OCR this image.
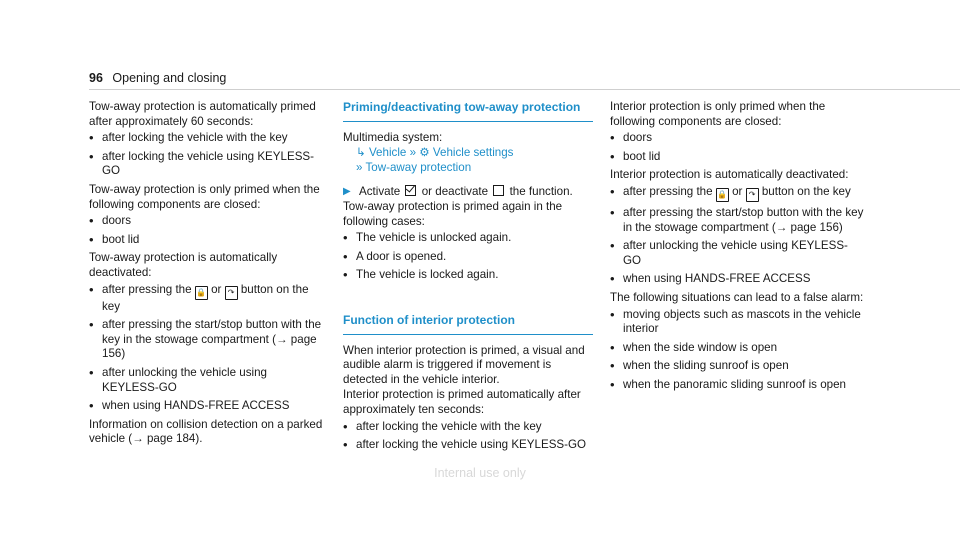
96 Opening and closing

Tow-away protection is automatically primed after approximately 60 seconds:

• after locking the vehicle with the key
• after locking the vehicle using KEYLESS-GO

Tow-away protection is only primed when the following components are closed:

• doors
• boot lid

Tow-away protection is automatically deactivated:

• after pressing the 🔒 or ↷ button on the key
• after pressing the start/stop button with the key in the stowage compartment (→ page 156)
• after unlocking the vehicle using KEYLESS-GO
• when using HANDS-FREE ACCESS

Information on collision detection on a parked vehicle (→ page 184).

Priming/deactivating tow-away protection

Multimedia system:

↳ Vehicle » ⚙ Vehicle settings
» Tow-away protection
▶ Activate or deactivate the function.

Tow-away protection is primed again in the following cases:

• The vehicle is unlocked again.
• A door is opened.
• The vehicle is locked again.
Function of interior protection

When interior protection is primed, a visual and audible alarm is triggered if movement is detected in the vehicle interior.

Interior protection is primed automatically after approximately ten seconds:

• after locking the vehicle with the key
• after locking the vehicle using KEYLESS-GO

Interior protection is only primed when the following components are closed:

• doors
• boot lid

Interior protection is automatically deactivated:

• after pressing the 🔒 or ↷ button on the key
• after pressing the start/stop button with the key in the stowage compartment (→ page 156)
• after unlocking the vehicle using KEYLESS-GO
• when using HANDS-FREE ACCESS

The following situations can lead to a false alarm:

• moving objects such as mascots in the vehicle interior
• when the side window is open
• when the sliding sunroof is open
• when the panoramic sliding sunroof is open
Internal use only
